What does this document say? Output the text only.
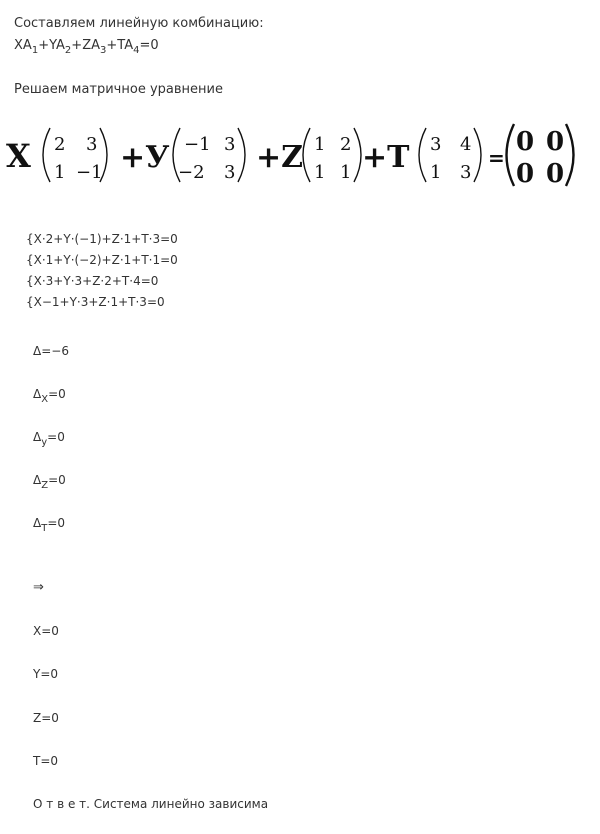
Составляем линейную комбинацию:
$XA_1+YA_2+ZA_3+TA_4=0$
Решаем матричное уравнение
X 2 3
1 −1 +У −1 3
−2 3 +Z 1 2
1 1 +T 3 4
1 3
=
0 0
0 0
{X·2+Y·(−1)+Z·1+T·3=0
{X·1+Y·(−2)+Z·1+T·1=0
{X·3+Y·3+Z·2+T·4=0
{X−1+Y·3+Z·1+T·3=0
Δ=−6
$\Delta_X=0$
$\Delta_y=0$
$\Delta_Z=0$
$\Delta_T=0$
⇒
X=0
Y=0
Z=0
T=0
О т в е т. Система линейно зависима
